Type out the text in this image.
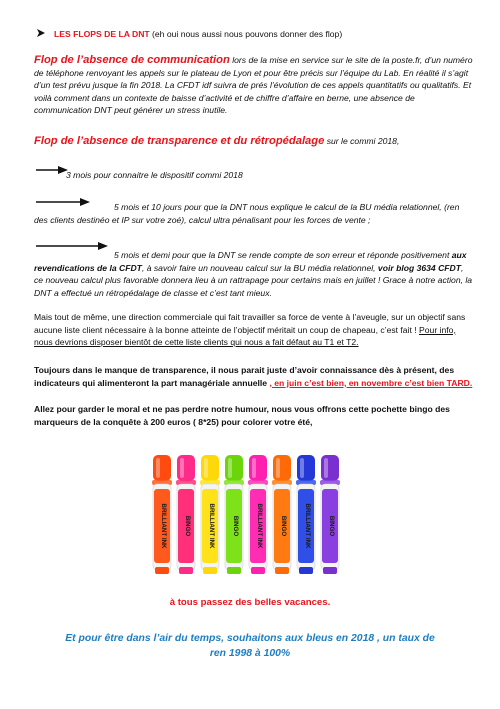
LES FLOPS DE LA DNT (eh oui nous aussi nous pouvons donner des flop)

Flop de l’absence de communication lors de la mise en service sur le site de la poste.fr, d’un numéro de téléphone renvoyant les appels sur le plateau de Lyon et pour être précis sur l’équipe du Lab. En réalité il s’agit d’un test prévu jusque la fin 2018. La CFDT idf suivra de prés l’évolution de ces appels quantitatifs ou qualitatifs. Et voilà comment dans un contexte de baisse d’activité et de chiffre d’affaire en berne, une absence de communication DNT peut générer un stress inutile.

Flop de l’absence de transparence et du rétropédalage sur le commi 2018,

3 mois pour connaitre le dispositif commi 2018

5 mois et 10 jours pour que la DNT nous explique le calcul de la BU média relationnel, (ren des clients destinéo et IP sur votre zoé), calcul ultra pénalisant pour les forces de vente ;

5 mois et demi pour que la DNT se rende compte de son erreur et réponde positivement aux revendications de la CFDT, à savoir faire un nouveau calcul sur la BU média relationnel, voir blog 3634 CFDT, ce nouveau calcul plus favorable donnera lieu à un rattrapage pour certains mais en juillet ! Grace à notre action, la DNT a effectué un rétropédalage de classe et c’est tant mieux.

Mais tout de même, une direction commerciale qui fait travailler sa force de vente à l’aveugle, sur un objectif sans aucune liste client nécessaire à la bonne atteinte de l’objectif méritait un coup de chapeau, c’est fait ! Pour info, nous devrions disposer bientôt de cette liste clients qui nous a fait défaut au T1 et T2.

Toujours dans le manque de transparence, il nous parait juste d’avoir connaissance dès à présent, des indicateurs qui alimenteront la part managériale annuelle , en juin c’est bien, en novembre c’est bien TARD.

Allez pour garder le moral et ne pas perdre notre humour, nous vous offrons cette pochette bingo des marqueurs de la conquête à 200 euros ( 8*25) pour colorer votre été,

BRILLIANT INK	BINGO	BRILLIANT INK	BINGO	BRILLIANT INK	BINGO	BRILLIANT INK	BINGO

à tous passez des belles vacances.

Et pour être dans l’air du temps, souhaitons aux bleus en 2018 , un taux de ren 1998 à 100%
